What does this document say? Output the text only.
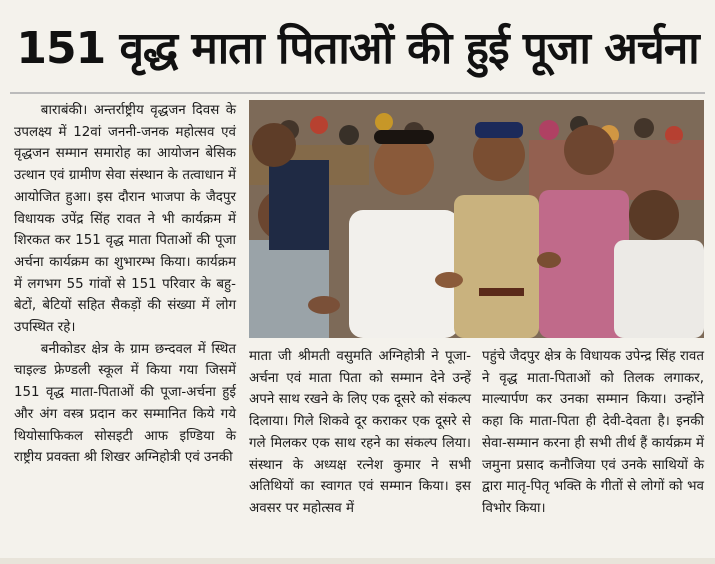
151 वृद्ध माता पिताओं की हुई पूजा अर्चना

बाराबंकी। अन्तर्राष्ट्रीय वृद्धजन दिवस के उपलक्ष्य में 12वां जननी-जनक महोत्सव एवं वृद्धजन सम्मान समारोह का आयोजन बेसिक उत्थान एवं ग्रामीण सेवा संस्थान के तत्वाधान में आयोजित हुआ। इस दौरान भाजपा के जैदपुर विधायक उपेंद्र सिंह रावत ने भी कार्यक्रम में शिरकत कर 151 वृद्ध माता पिताओं की पूजा अर्चना कार्यक्रम का शुभारम्भ किया। कार्यक्रम में लगभग 55 गांवों से 151 परिवार के बहु-बेटों, बेटियों सहित सैकड़ों की संख्या में लोग उपस्थित रहे।

बनीकोडर क्षेत्र के ग्राम छन्दवल में स्थित चाइल्ड फ्रेण्डली स्कूल में किया गया जिसमें 151 वृद्ध माता-पिताओं की पूजा-अर्चना हुई और अंग वस्त्र प्रदान कर सम्मानित किये गये थियोसाफिकल सोसइटी आफ इण्डिया के राष्ट्रीय प्रवक्ता श्री शिखर अग्निहोत्री एवं उनकी

माता जी श्रीमती वसुमति अग्निहोत्री ने पूजा-अर्चना एवं माता पिता को सम्मान देने उन्हें अपने साथ रखने के लिए एक दूसरे को संकल्प दिलाया। गिले शिकवे दूर कराकर एक दूसरे से गले मिलकर एक साथ रहने का संकल्प लिया। संस्थान के अध्यक्ष रत्नेश कुमार ने सभी अतिथियों का स्वागत एवं सम्मान किया। इस अवसर पर महोत्सव में

पहुंचे जैदपुर क्षेत्र के विधायक उपेन्द्र सिंह रावत ने वृद्ध माता-पिताओं को तिलक लगाकर, माल्यार्पण कर उनका सम्मान किया। उन्होंने कहा कि माता-पिता ही देवी-देवता है। इनकी सेवा-सम्मान करना ही सभी तीर्थ हैं कार्यक्रम में जमुना प्रसाद कनौजिया एवं उनके साथियों के द्वारा मातृ-पितृ भक्ति के गीतों से लोगों को भव विभोर किया।
